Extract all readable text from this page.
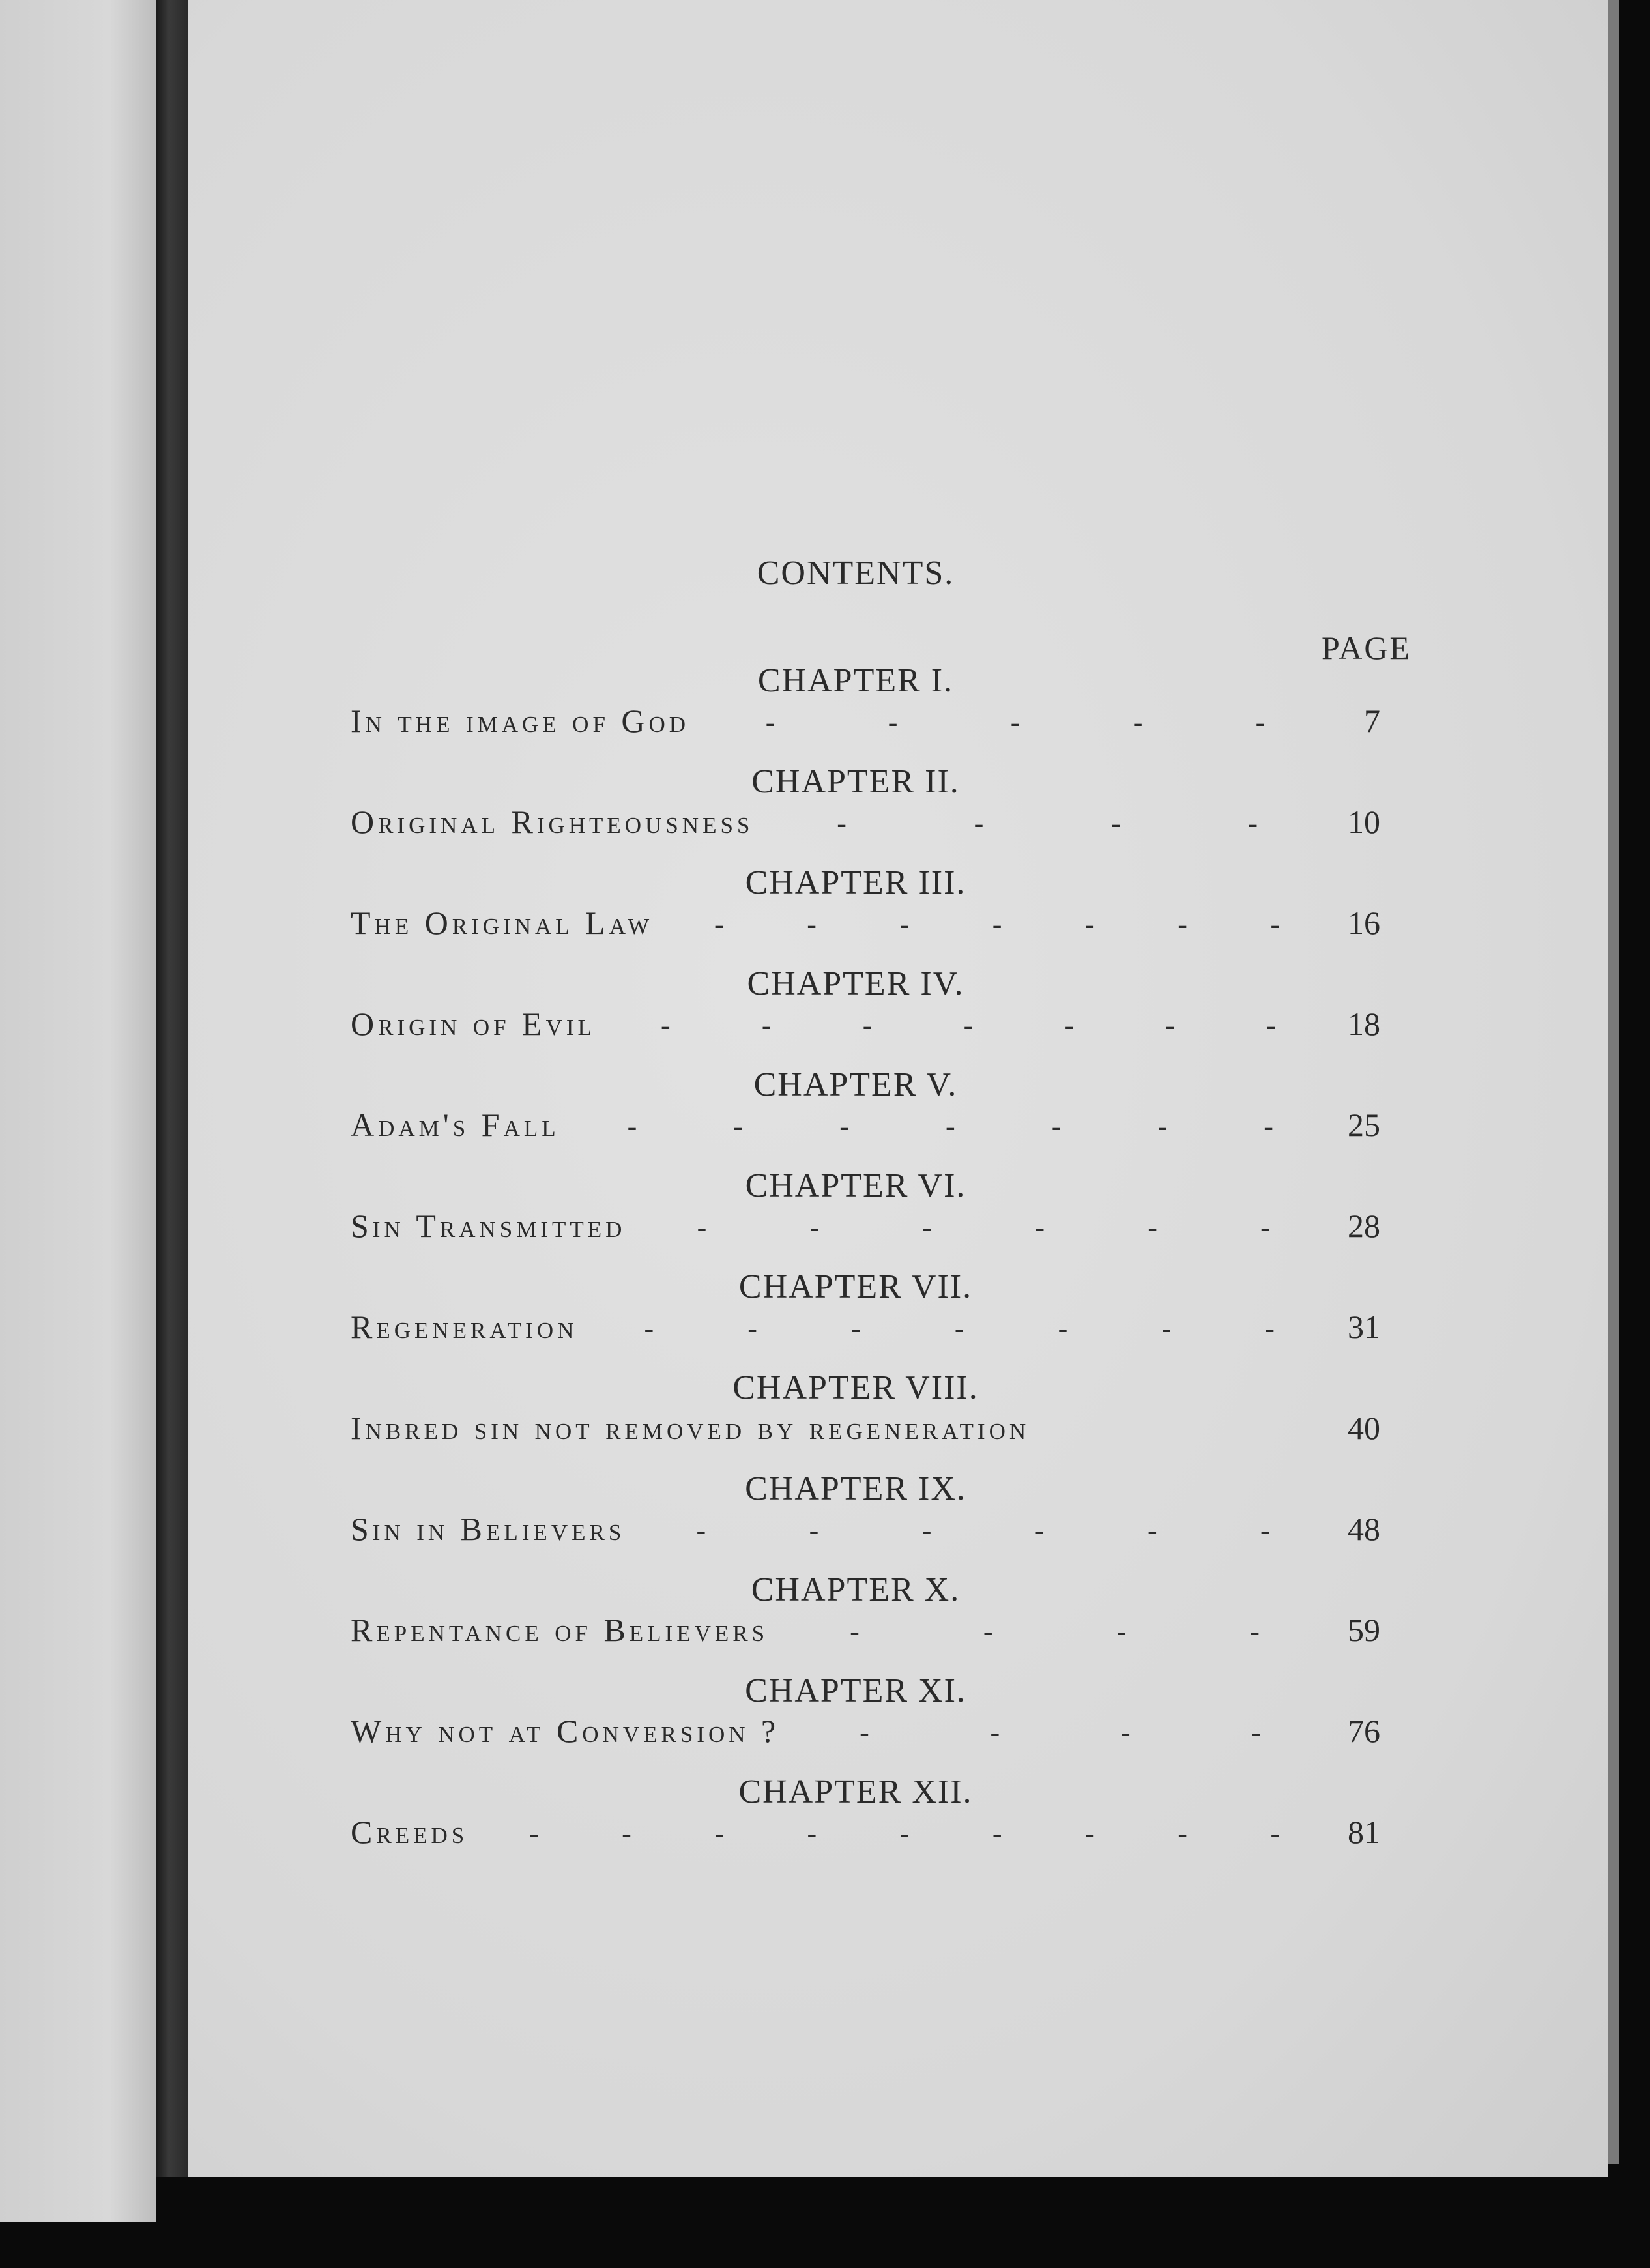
CONTENTS.
PAGE
CHAPTER I.
In the image of God	-	-	-	-	-	7
CHAPTER II.
Original Righteousness	-	-	-	-	10
CHAPTER III.
The Original Law	-	-	-	-	-	-	-	16
CHAPTER IV.
Origin of Evil	-	-	-	-	-	-	-	18
CHAPTER V.
Adam's Fall	-	-	-	-	-	-	-	25
CHAPTER VI.
Sin Transmitted	-	-	-	-	-	-	28
CHAPTER VII.
Regeneration	-	-	-	-	-	-	-	31
CHAPTER VIII.
Inbred sin not removed by regeneration	40
CHAPTER IX.
Sin in Believers	-	-	-	-	-	-	48
CHAPTER X.
Repentance of Believers	-	-	-	-	59
CHAPTER XI.
Why not at Conversion ?	-	-	-	-	76
CHAPTER XII.
Creeds	-	-	-	-	-	-	-	-	-	81
